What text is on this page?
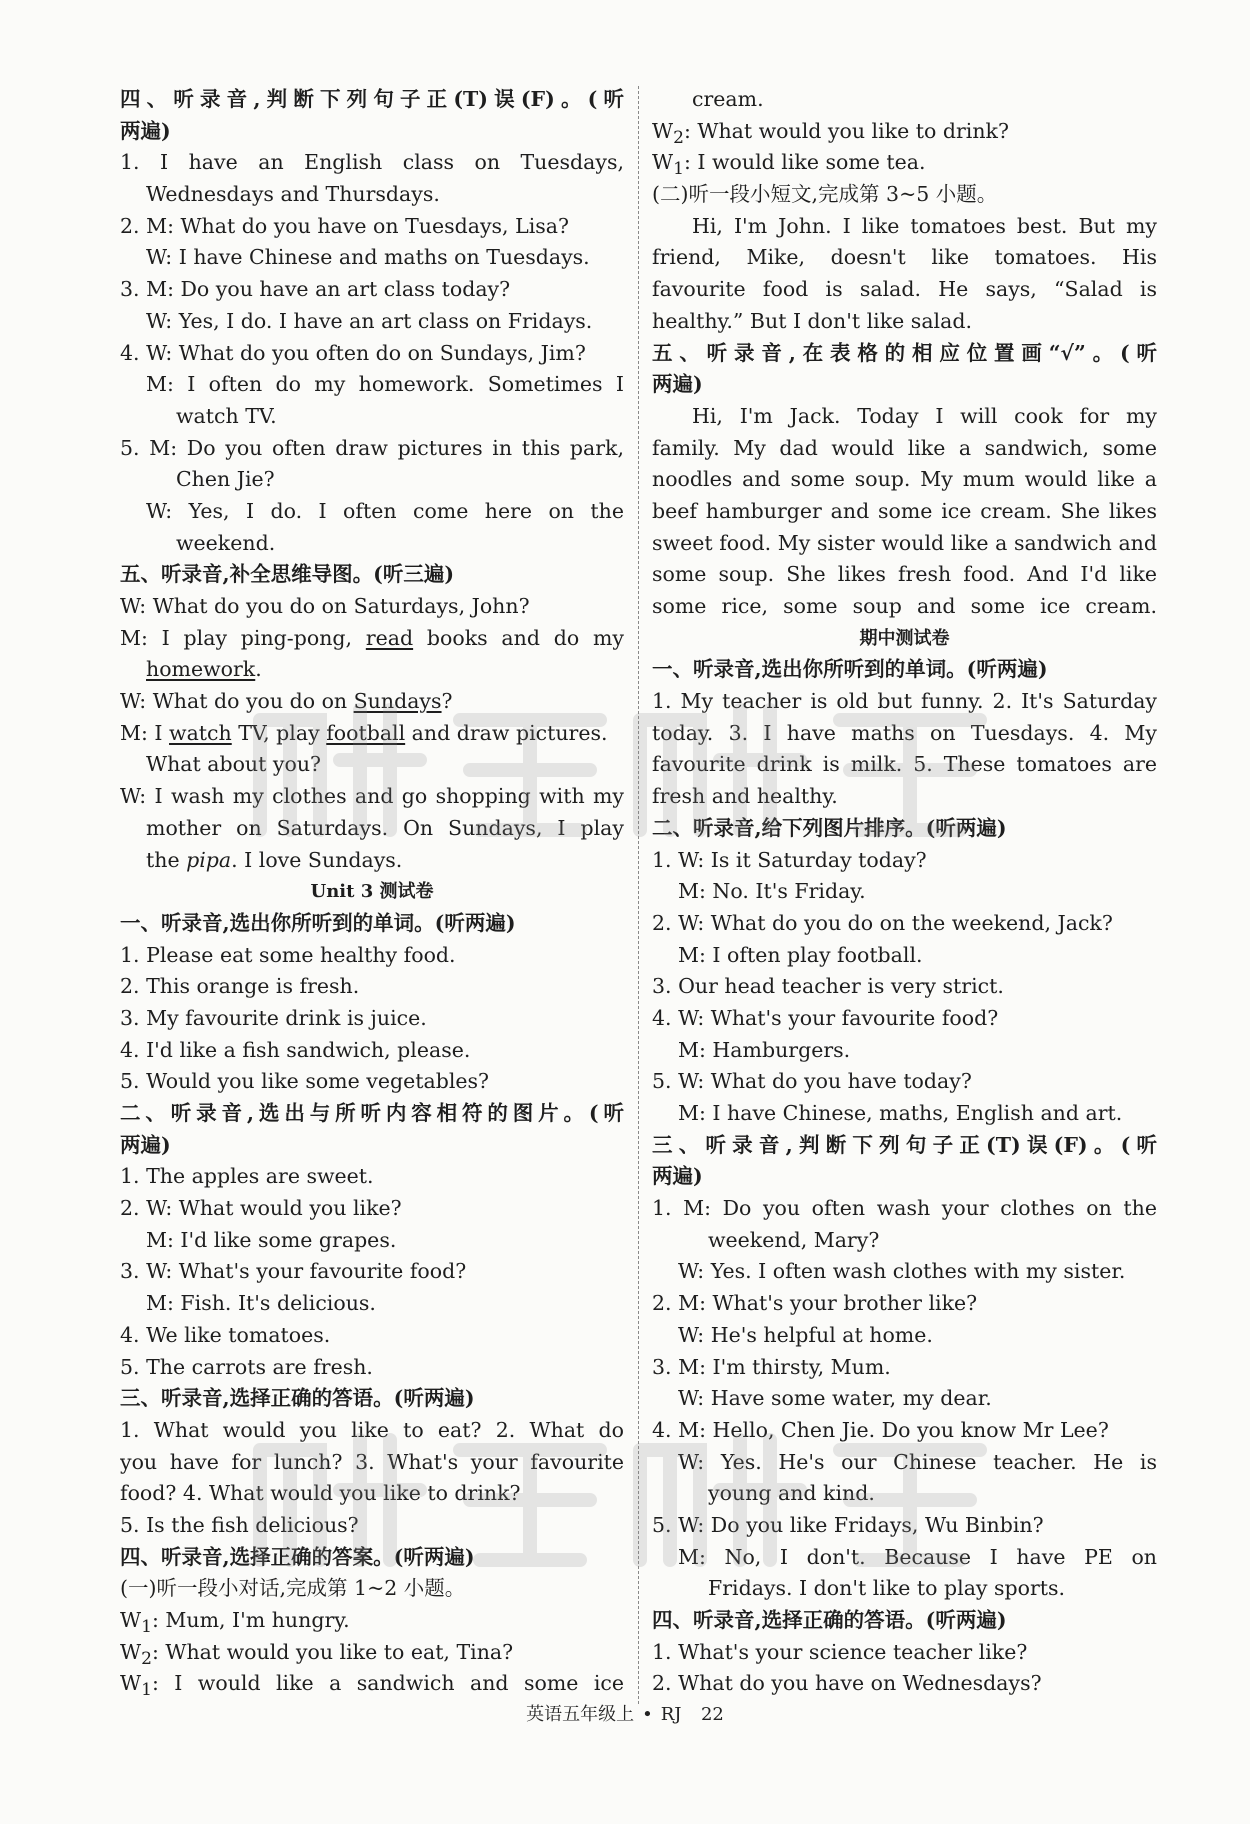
四、听录音,判断下列句子正(T)误(F)。(听
两遍)
1. I have an English class on Tuesdays,
Wednesdays and Thursdays.
2. M: What do you have on Tuesdays, Lisa?
W: I have Chinese and maths on Tuesdays.
3. M: Do you have an art class today?
W: Yes, I do. I have an art class on Fridays.
4. W: What do you often do on Sundays, Jim?
M: I often do my homework. Sometimes I
watch TV.
5. M: Do you often draw pictures in this park,
Chen Jie?
W: Yes, I do. I often come here on the
weekend.
五、听录音,补全思维导图。(听三遍)
W: What do you do on Saturdays, John?
M: I play ping-pong, read books and do my
homework.
W: What do you do on Sundays?
M: I watch TV, play football and draw pictures.
What about you?
W: I wash my clothes and go shopping with my
mother on Saturdays. On Sundays, I play
the pipa. I love Sundays.
Unit 3 测试卷
一、听录音,选出你所听到的单词。(听两遍)
1. Please eat some healthy food.
2. This orange is fresh.
3. My favourite drink is juice.
4. I'd like a fish sandwich, please.
5. Would you like some vegetables?
二、听录音,选出与所听内容相符的图片。(听
两遍)
1. The apples are sweet.
2. W: What would you like?
M: I'd like some grapes.
3. W: What's your favourite food?
M: Fish. It's delicious.
4. We like tomatoes.
5. The carrots are fresh.
三、听录音,选择正确的答语。(听两遍)
1. What would you like to eat? 2. What do
you have for lunch? 3. What's your favourite
food? 4. What would you like to drink?
5. Is the fish delicious?
四、听录音,选择正确的答案。(听两遍)
(一)听一段小对话,完成第 1~2 小题。
$W_1$: Mum, I'm hungry.
$W_2$: What would you like to eat, Tina?
$W_1$: I would like a sandwich and some ice
cream.
$W_2$: What would you like to drink?
$W_1$: I would like some tea.
(二)听一段小短文,完成第 3~5 小题。
Hi, I'm John. I like tomatoes best. But my
friend, Mike, doesn't like tomatoes. His
favourite food is salad. He says, “Salad is
healthy.” But I don't like salad.
五、听录音,在表格的相应位置画“√”。(听
两遍)
Hi, I'm Jack. Today I will cook for my
family. My dad would like a sandwich, some
noodles and some soup. My mum would like a
beef hamburger and some ice cream. She likes
sweet food. My sister would like a sandwich and
some soup. She likes fresh food. And I'd like
some rice, some soup and some ice cream.
期中测试卷
一、听录音,选出你所听到的单词。(听两遍)
1. My teacher is old but funny. 2. It's Saturday
today. 3. I have maths on Tuesdays. 4. My
favourite drink is milk. 5. These tomatoes are
fresh and healthy.
二、听录音,给下列图片排序。(听两遍)
1. W: Is it Saturday today?
M: No. It's Friday.
2. W: What do you do on the weekend, Jack?
M: I often play football.
3. Our head teacher is very strict.
4. W: What's your favourite food?
M: Hamburgers.
5. W: What do you have today?
M: I have Chinese, maths, English and art.
三、听录音,判断下列句子正(T)误(F)。(听
两遍)
1. M: Do you often wash your clothes on the
weekend, Mary?
W: Yes. I often wash clothes with my sister.
2. M: What's your brother like?
W: He's helpful at home.
3. M: I'm thirsty, Mum.
W: Have some water, my dear.
4. M: Hello, Chen Jie. Do you know Mr Lee?
W: Yes. He's our Chinese teacher. He is
young and kind.
5. W: Do you like Fridays, Wu Binbin?
M: No, I don't. Because I have PE on
Fridays. I don't like to play sports.
四、听录音,选择正确的答语。(听两遍)
1. What's your science teacher like?
2. What do you have on Wednesdays?
英语五年级上 • RJ 22
